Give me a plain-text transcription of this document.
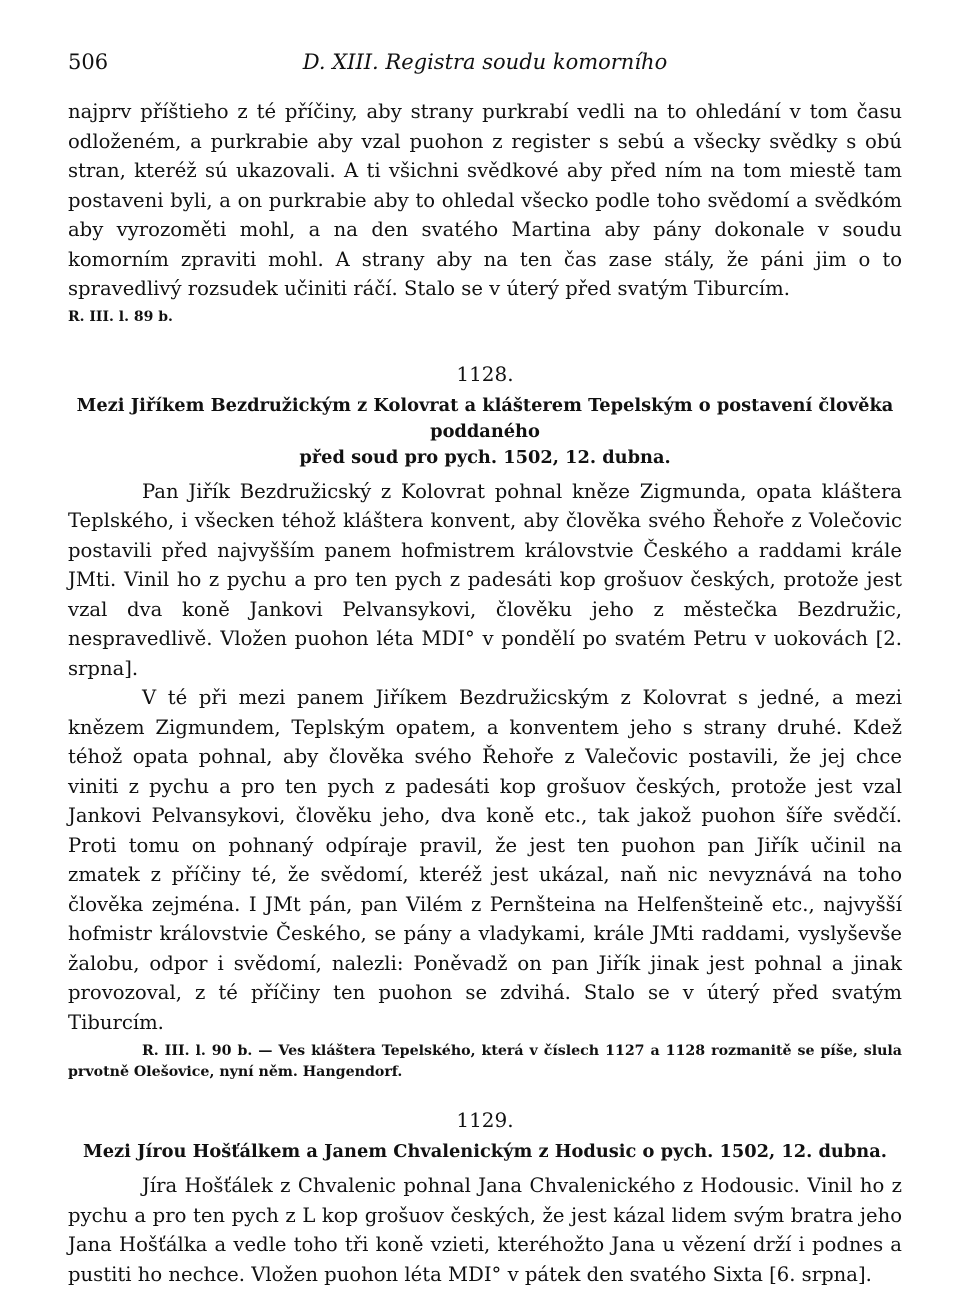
506	D. XIII. Registra soudu komorního

najprv příštieho z té příčiny, aby strany purkrabí vedli na to ohledání v tom času odloženém, a purkrabie aby vzal puohon z register s sebú a všecky svědky s obú stran, kteréž sú ukazovali. A ti všichni svědkové aby před ním na tom miestě tam postaveni byli, a on purkrabie aby to ohledal všecko podle toho svědomí a svědkóm aby vyrozoměti mohl, a na den svatého Martina aby pány dokonale v soudu komorním zpraviti mohl. A strany aby na ten čas zase stály, že páni jim o to spravedlivý rozsudek učiniti ráčí. Stalo se v úterý před svatým Tiburcím.

R. III. l. 89 b.

1128.
Mezi Jiříkem Bezdružickým z Kolovrat a klášterem Tepelským o postavení člověka poddaného
před soud pro pych. 1502, 12. dubna.

Pan Jiřík Bezdružicský z Kolovrat pohnal kněze Zigmunda, opata kláštera Teplského, i všecken téhož kláštera konvent, aby člověka svého Řehoře z Volečovic postavili před najvyšším panem hofmistrem královstvie Českého a raddami krále JMti. Vinil ho z pychu a pro ten pych z padesáti kop grošuov českých, protože jest vzal dva koně Jankovi Pelvansykovi, člověku jeho z městečka Bezdružic, nespravedlivě. Vložen puohon léta MDI° v pondělí po svatém Petru v uokovách [2. srpna].

V té při mezi panem Jiříkem Bezdružicským z Kolovrat s jedné, a mezi knězem Zigmundem, Teplským opatem, a konventem jeho s strany druhé. Kdež téhož opata pohnal, aby člověka svého Řehoře z Valečovic postavili, že jej chce viniti z pychu a pro ten pych z padesáti kop grošuov českých, protože jest vzal Jankovi Pelvansykovi, člověku jeho, dva koně etc., tak jakož puohon šíře svědčí. Proti tomu on pohnaný odpíraje pravil, že jest ten puohon pan Jiřík učinil na zmatek z příčiny té, že svědomí, kteréž jest ukázal, naň nic nevyznává na toho člověka zejména. I JMt pán, pan Vilém z Pernšteina na Helfenšteině etc., najvyšší hofmistr královstvie Českého, se pány a vladykami, krále JMti raddami, vyslyševše žalobu, odpor i svědomí, nalezli: Poněvadž on pan Jiřík jinak jest pohnal a jinak provozoval, z té příčiny ten puohon se zdvihá. Stalo se v úterý před svatým Tiburcím.

R. III. l. 90 b. — Ves kláštera Tepelského, která v číslech 1127 a 1128 rozmanitě se píše, slula prvotně Olešovice, nyní něm. Hangendorf.

1129.
Mezi Jírou Hošťálkem a Janem Chvalenickým z Hodusic o pych. 1502, 12. dubna.

Jíra Hošťálek z Chvalenic pohnal Jana Chvalenického z Hodousic. Vinil ho z pychu a pro ten pych z L kop grošuov českých, že jest kázal lidem svým bratra jeho Jana Hošťálka a vedle toho tři koně vzieti, kteréhožto Jana u vězení drží i podnes a pustiti ho nechce. Vložen puohon léta MDI° v pátek den svatého Sixta [6. srpna].
